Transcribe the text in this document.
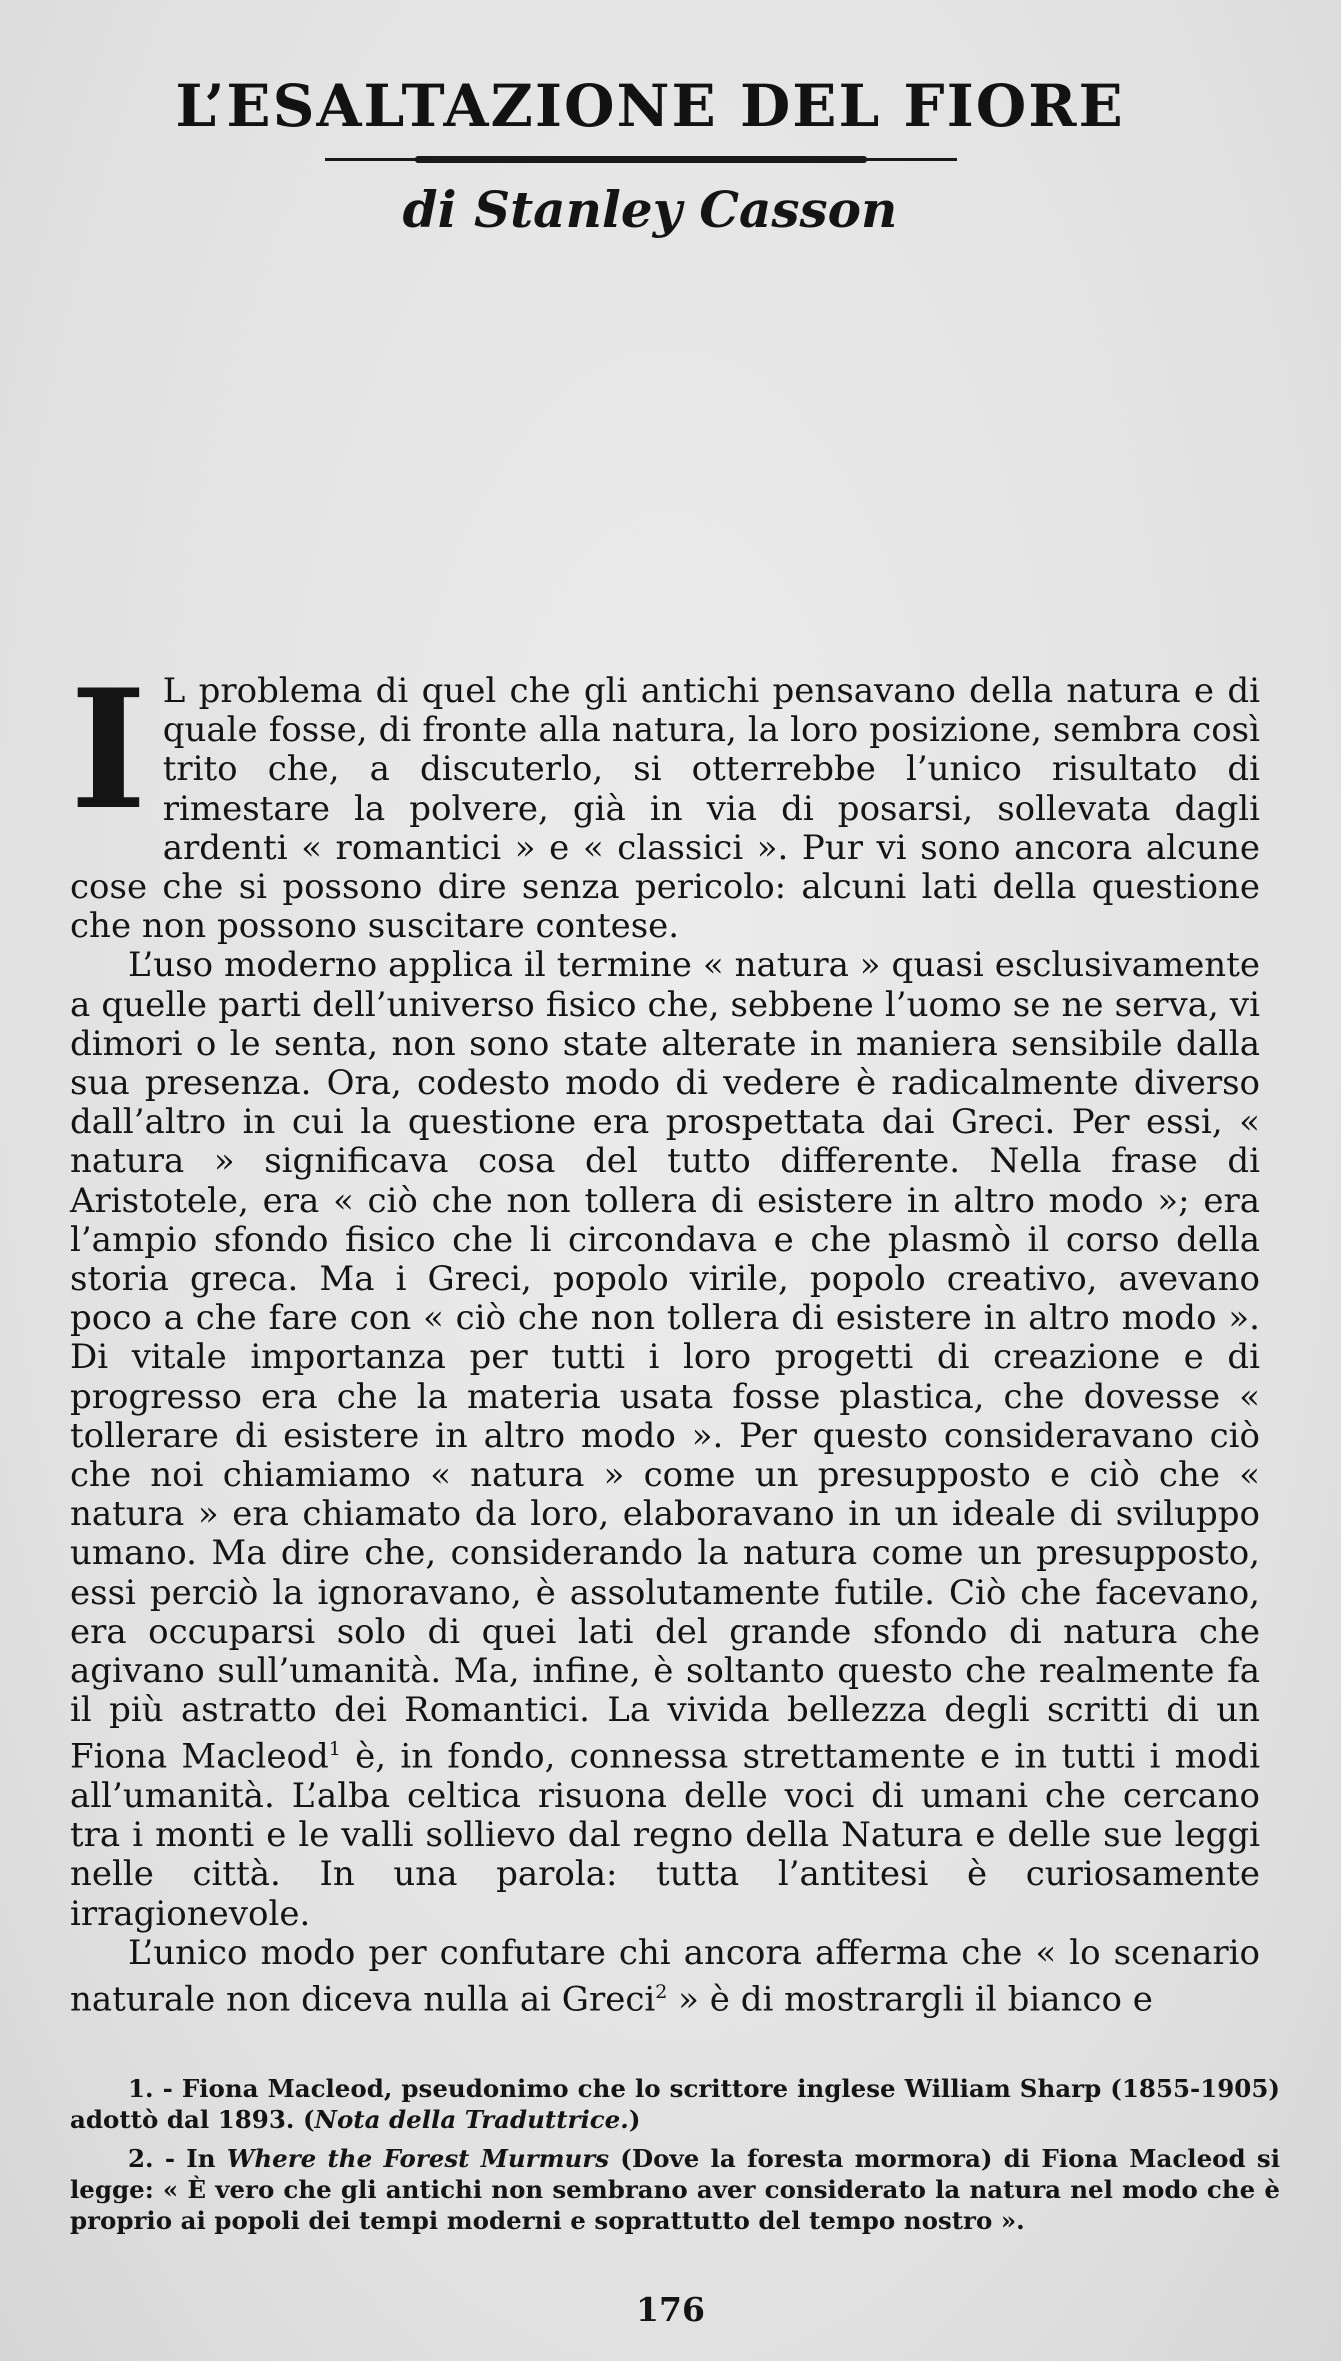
L’ESALTAZIONE DEL FIORE
di Stanley Casson

I L problema di quel che gli antichi pensavano della natura e di quale fosse, di fronte alla natura, la loro posizione, sembra così trito che, a discuterlo, si otterrebbe l’unico risultato di rimestare la polvere, già in via di posarsi, sollevata dagli ardenti « romantici » e « classici ». Pur vi sono ancora alcune cose che si possono dire senza pericolo: alcuni lati della questione che non possono suscitare contese.

L’uso moderno applica il termine « natura » quasi esclusivamente a quelle parti dell’universo fisico che, sebbene l’uomo se ne serva, vi dimori o le senta, non sono state alterate in maniera sensibile dalla sua presenza. Ora, codesto modo di vedere è radicalmente diverso dall’altro in cui la questione era prospettata dai Greci. Per essi, « natura » significava cosa del tutto differente. Nella frase di Aristotele, era « ciò che non tollera di esistere in altro modo »; era l’ampio sfondo fisico che li circondava e che plasmò il corso della storia greca. Ma i Greci, popolo virile, popolo creativo, avevano poco a che fare con « ciò che non tollera di esistere in altro modo ». Di vitale importanza per tutti i loro progetti di creazione e di progresso era che la materia usata fosse plastica, che dovesse « tollerare di esistere in altro modo ». Per questo consideravano ciò che noi chiamiamo « natura » come un presupposto e ciò che « natura » era chiamato da loro, elaboravano in un ideale di sviluppo umano. Ma dire che, considerando la natura come un presupposto, essi perciò la ignoravano, è assolutamente futile. Ciò che facevano, era occuparsi solo di quei lati del grande sfondo di natura che agivano sull’umanità. Ma, infine, è soltanto questo che realmente fa il più astratto dei Romantici. La vivida bellezza degli scritti di un Fiona Macleod$^1$ è, in fondo, connessa strettamente e in tutti i modi all’umanità. L’alba celtica risuona delle voci di umani che cercano tra i monti e le valli sollievo dal regno della Natura e delle sue leggi nelle città. In una parola: tutta l’antitesi è curiosamente irragionevole.

L’unico modo per confutare chi ancora afferma che « lo scenario naturale non diceva nulla ai Greci$^2$ » è di mostrargli il bianco e

1. - Fiona Macleod, pseudonimo che lo scrittore inglese William Sharp (1855-1905) adottò dal 1893. (Nota della Traduttrice.)

2. - In Where the Forest Murmurs (Dove la foresta mormora) di Fiona Macleod si legge: « È vero che gli antichi non sembrano aver considerato la natura nel modo che è proprio ai popoli dei tempi moderni e soprattutto del tempo nostro ».

176
